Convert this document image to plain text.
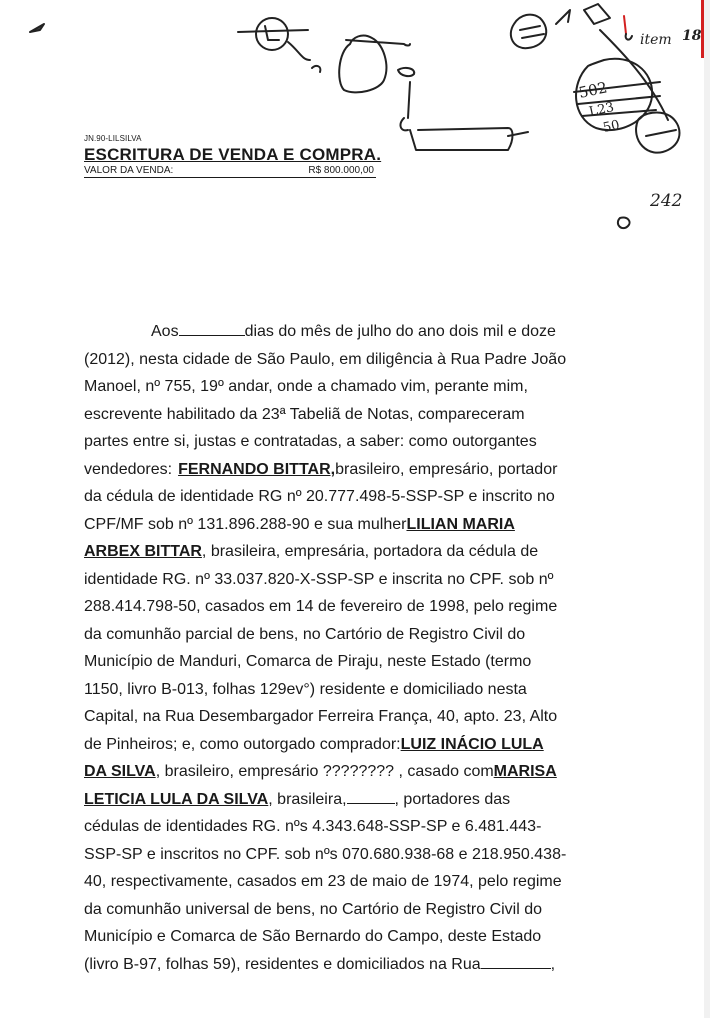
502
L23
50
item 18
242
JN.90-LILSILVA
ESCRITURA DE VENDA E COMPRA.
VALOR DA VENDA:	R$ 800.000,00
Aos	dias do mês de julho do ano dois mil e doze
(2012), nesta cidade de São Paulo, em diligência à Rua Padre João
Manoel, nº 755, 19º andar, onde a chamado vim, perante mim,
escrevente habilitado da 23ª Tabeliã de Notas, compareceram
partes entre si, justas e contratadas, a saber: como outorgantes
vendedores: FERNANDO BITTAR, brasileiro, empresário, portador
da cédula de identidade RG nº 20.777.498-5-SSP-SP e inscrito no
CPF/MF sob nº 131.896.288-90 e sua mulher LILIAN MARIA
ARBEX BITTAR , brasileira, empresária, portadora da cédula de
identidade RG. nº 33.037.820-X-SSP-SP e inscrita no CPF. sob nº
288.414.798-50, casados em 14 de fevereiro de 1998, pelo regime
da comunhão parcial de bens, no Cartório de Registro Civil do
Município de Manduri, Comarca de Piraju, neste Estado (termo
1150, livro B-013, folhas 129ev°) residente e domiciliado nesta
Capital, na Rua Desembargador Ferreira França, 40, apto. 23, Alto
de Pinheiros; e, como outorgado comprador: LUIZ INÁCIO LULA
DA SILVA , brasileiro, empresário ???????? , casado com MARISA
LETICIA LULA DA SILVA , brasileira,	, portadores das
cédulas de identidades RG. nºs 4.343.648-SSP-SP e 6.481.443-
SSP-SP e inscritos no CPF. sob nºs 070.680.938-68 e 218.950.438-
40, respectivamente, casados em 23 de maio de 1974, pelo regime
da comunhão universal de bens, no Cartório de Registro Civil do
Município e Comarca de São Bernardo do Campo, deste Estado
(livro B-97, folhas 59), residentes e domiciliados na Rua	,
